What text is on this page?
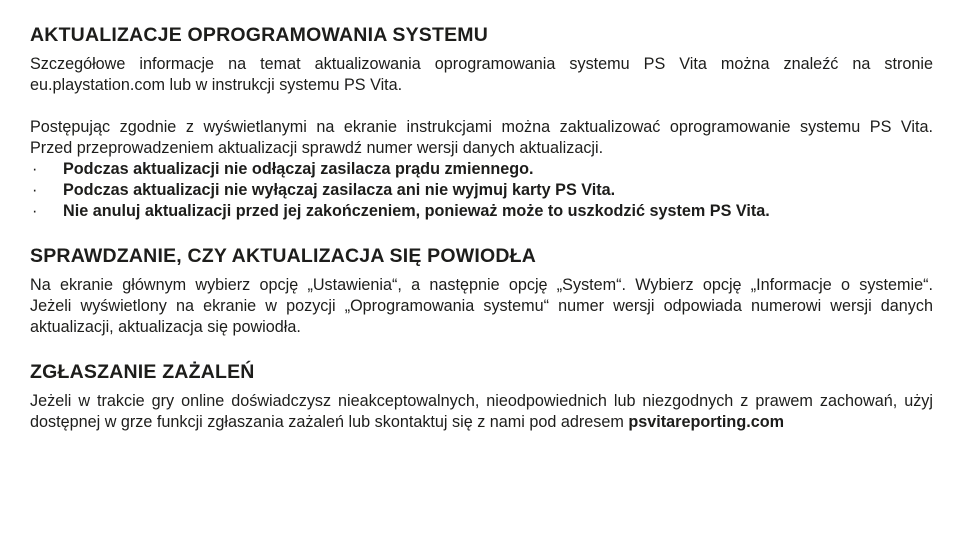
AKTUALIZACJE OPROGRAMOWANIA SYSTEMU

Szczegółowe informacje na temat aktualizowania oprogramowania systemu PS Vita można znaleźć na stronie

eu.playstation.com lub w instrukcji systemu PS Vita.

Postępując zgodnie z wyświetlanymi na ekranie instrukcjami można zaktualizować oprogramowanie systemu PS Vita.

Przed przeprowadzeniem aktualizacji sprawdź numer wersji danych aktualizacji.

·	Podczas aktualizacji nie odłączaj zasilacza prądu zmiennego.
·	Podczas aktualizacji nie wyłączaj zasilacza ani nie wyjmuj karty PS Vita.
·	Nie anuluj aktualizacji przed jej zakończeniem, ponieważ może to uszkodzić system PS Vita.
SPRAWDZANIE, CZY AKTUALIZACJA SIĘ POWIODŁA

Na ekranie głównym wybierz opcję „Ustawienia“, a następnie opcję „System“. Wybierz opcję „Informacje o systemie“.

Jeżeli wyświetlony na ekranie w pozycji „Oprogramowania systemu“ numer wersji odpowiada numerowi wersji danych

aktualizacji, aktualizacja się powiodła.

ZGŁASZANIE ZAŻALEŃ

Jeżeli w trakcie gry online doświadczysz nieakceptowalnych, nieodpowiednich lub niezgodnych z prawem zachowań, użyj

dostępnej w grze funkcji zgłaszania zażaleń lub skontaktuj się z nami pod adresem psvitareporting.com
